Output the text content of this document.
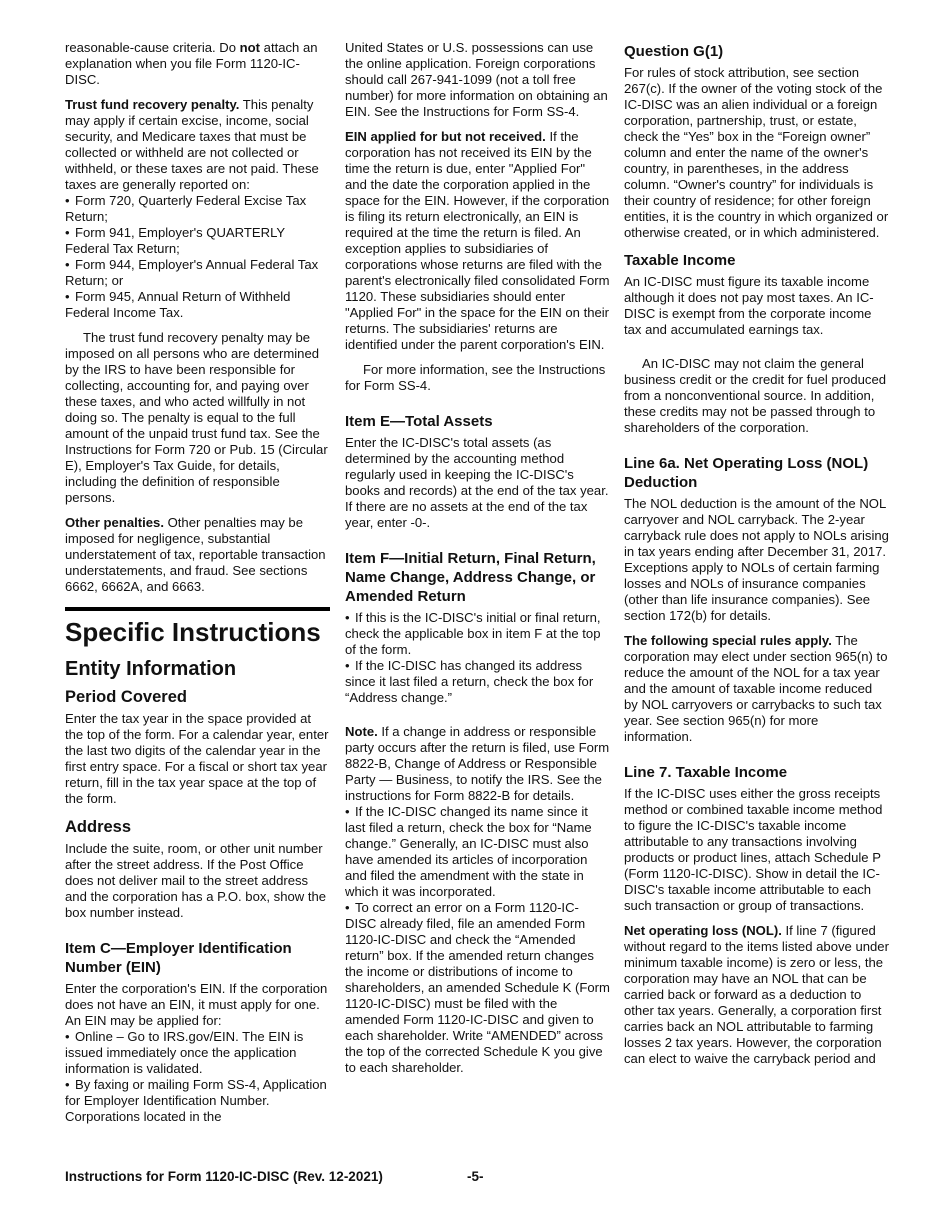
reasonable-cause criteria. Do not attach an explanation when you file Form 1120-IC-DISC.

Trust fund recovery penalty. This penalty may apply if certain excise, income, social security, and Medicare taxes that must be collected or withheld are not collected or withheld, or these taxes are not paid. These taxes are generally reported on:

• Form 720, Quarterly Federal Excise Tax Return;

• Form 941, Employer's QUARTERLY Federal Tax Return;

• Form 944, Employer's Annual Federal Tax Return; or

• Form 945, Annual Return of Withheld Federal Income Tax.

The trust fund recovery penalty may be imposed on all persons who are determined by the IRS to have been responsible for collecting, accounting for, and paying over these taxes, and who acted willfully in not doing so. The penalty is equal to the full amount of the unpaid trust fund tax. See the Instructions for Form 720 or Pub. 15 (Circular E), Employer's Tax Guide, for details, including the definition of responsible persons.

Other penalties. Other penalties may be imposed for negligence, substantial understatement of tax, reportable transaction understatements, and fraud. See sections 6662, 6662A, and 6663.

Specific Instructions
Entity Information
Period Covered

Enter the tax year in the space provided at the top of the form. For a calendar year, enter the last two digits of the calendar year in the first entry space. For a fiscal or short tax year return, fill in the tax year space at the top of the form.

Address

Include the suite, room, or other unit number after the street address. If the Post Office does not deliver mail to the street address and the corporation has a P.O. box, show the box number instead.

Item C—Employer Identification Number (EIN)

Enter the corporation's EIN. If the corporation does not have an EIN, it must apply for one. An EIN may be applied for:

• Online – Go to IRS.gov/EIN. The EIN is issued immediately once the application information is validated.

• By faxing or mailing Form SS-4, Application for Employer Identification Number. Corporations located in the

United States or U.S. possessions can use the online application. Foreign corporations should call 267-941-1099 (not a toll free number) for more information on obtaining an EIN. See the Instructions for Form SS-4.

EIN applied for but not received. If the corporation has not received its EIN by the time the return is due, enter "Applied For" and the date the corporation applied in the space for the EIN. However, if the corporation is filing its return electronically, an EIN is required at the time the return is filed. An exception applies to subsidiaries of corporations whose returns are filed with the parent's electronically filed consolidated Form 1120. These subsidiaries should enter "Applied For" in the space for the EIN on their returns. The subsidiaries' returns are identified under the parent corporation's EIN.

For more information, see the Instructions for Form SS-4.

Item E—Total Assets

Enter the IC-DISC's total assets (as determined by the accounting method regularly used in keeping the IC-DISC's books and records) at the end of the tax year. If there are no assets at the end of the tax year, enter -0-.

Item F—Initial Return, Final Return, Name Change, Address Change, or Amended Return

• If this is the IC-DISC's initial or final return, check the applicable box in item F at the top of the form.

• If the IC-DISC has changed its address since it last filed a return, check the box for “Address change.”

Note. If a change in address or responsible party occurs after the return is filed, use Form 8822-B, Change of Address or Responsible Party — Business, to notify the IRS. See the instructions for Form 8822-B for details.

• If the IC-DISC changed its name since it last filed a return, check the box for “Name change.” Generally, an IC-DISC must also have amended its articles of incorporation and filed the amendment with the state in which it was incorporated.

• To correct an error on a Form 1120-IC-DISC already filed, file an amended Form 1120-IC-DISC and check the “Amended return” box. If the amended return changes the income or distributions of income to shareholders, an amended Schedule K (Form 1120-IC-DISC) must be filed with the amended Form 1120-IC-DISC and given to each shareholder. Write “AMENDED” across the top of the corrected Schedule K you give to each shareholder.

Question G(1)

For rules of stock attribution, see section 267(c). If the owner of the voting stock of the IC-DISC was an alien individual or a foreign corporation, partnership, trust, or estate, check the “Yes” box in the “Foreign owner” column and enter the name of the owner's country, in parentheses, in the address column. “Owner's country” for individuals is their country of residence; for other foreign entities, it is the country in which organized or otherwise created, or in which administered.

Taxable Income

An IC-DISC must figure its taxable income although it does not pay most taxes. An IC-DISC is exempt from the corporate income tax and accumulated earnings tax.

An IC-DISC may not claim the general business credit or the credit for fuel produced from a nonconventional source. In addition, these credits may not be passed through to shareholders of the corporation.

Line 6a. Net Operating Loss (NOL) Deduction

The NOL deduction is the amount of the NOL carryover and NOL carryback. The 2-year carryback rule does not apply to NOLs arising in tax years ending after December 31, 2017. Exceptions apply to NOLs of certain farming losses and NOLs of insurance companies (other than life insurance companies). See section 172(b) for details.

The following special rules apply. The corporation may elect under section 965(n) to reduce the amount of the NOL for a tax year and the amount of taxable income reduced by NOL carryovers or carrybacks to such tax year. See section 965(n) for more information.

Line 7. Taxable Income

If the IC-DISC uses either the gross receipts method or combined taxable income method to figure the IC-DISC's taxable income attributable to any transactions involving products or product lines, attach Schedule P (Form 1120-IC-DISC). Show in detail the IC-DISC's taxable income attributable to each such transaction or group of transactions.

Net operating loss (NOL). If line 7 (figured without regard to the items listed above under minimum taxable income) is zero or less, the corporation may have an NOL that can be carried back or forward as a deduction to other tax years. Generally, a corporation first carries back an NOL attributable to farming losses 2 tax years. However, the corporation can elect to waive the carryback period and

Instructions for Form 1120-IC-DISC (Rev. 12-2021)	-5-
